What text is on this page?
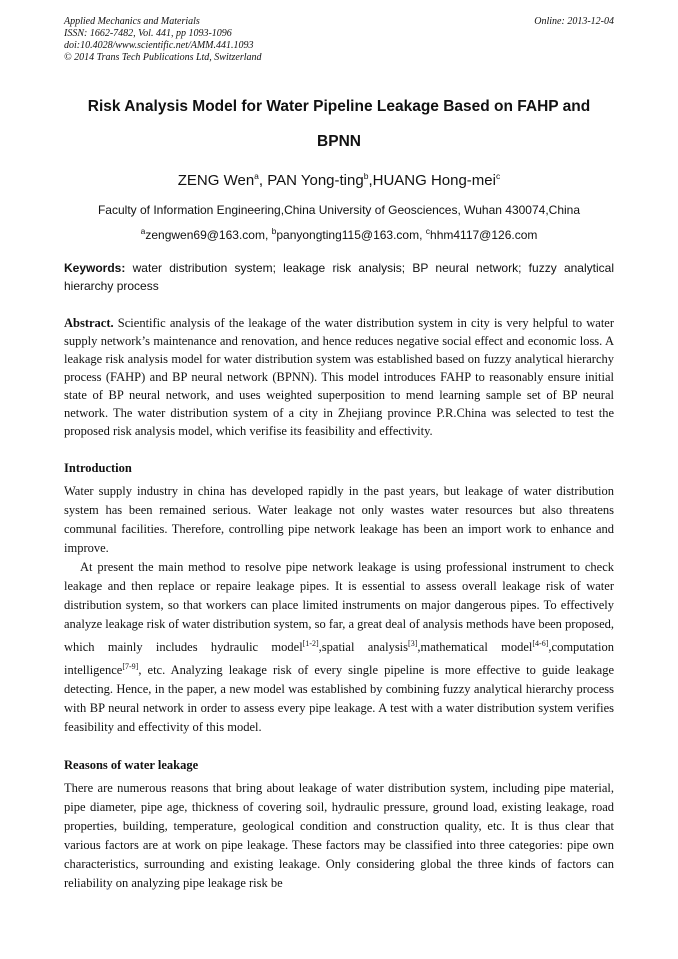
Applied Mechanics and Materials
ISSN: 1662-7482, Vol. 441, pp 1093-1096
doi:10.4028/www.scientific.net/AMM.441.1093
© 2014 Trans Tech Publications Ltd, Switzerland
Online: 2013-12-04
Risk Analysis Model for Water Pipeline Leakage Based on FAHP and BPNN
ZENG Wen$^a$, PAN Yong-ting$^b$,HUANG Hong-mei$^c$
Faculty of Information Engineering,China University of Geosciences, Wuhan 430074,China
$^a$zengwen69@163.com, $^b$panyongting115@163.com, $^c$hhm4117@126.com
Keywords: water distribution system; leakage risk analysis; BP neural network; fuzzy analytical hierarchy process
Abstract. Scientific analysis of the leakage of the water distribution system in city is very helpful to water supply network’s maintenance and renovation, and hence reduces negative social effect and economic loss. A leakage risk analysis model for water distribution system was established based on fuzzy analytical hierarchy process (FAHP) and BP neural network (BPNN). This model introduces FAHP to reasonably ensure initial state of BP neural network, and uses weighted superposition to mend learning sample set of BP neural network. The water distribution system of a city in Zhejiang province P.R.China was selected to test the proposed risk analysis model, which verifise its feasibility and effectivity.
Introduction

Water supply industry in china has developed rapidly in the past years, but leakage of water distribution system has been remained serious. Water leakage not only wastes water resources but also threatens communal facilities. Therefore, controlling pipe network leakage has been an import work to enhance and improve.

At present the main method to resolve pipe network leakage is using professional instrument to check leakage and then replace or repaire leakage pipes. It is essential to assess overall leakage risk of water distribution system, so that workers can place limited instruments on major dangerous pipes. To effectively analyze leakage risk of water distribution system, so far, a great deal of analysis methods have been proposed, which mainly includes hydraulic model[1-2],spatial analysis[3],mathematical model[4-6],computation intelligence[7-9], etc. Analyzing leakage risk of every single pipeline is more effective to guide leakage detecting. Hence, in the paper, a new model was established by combining fuzzy analytical hierarchy process with BP neural network in order to assess every pipe leakage. A test with a water distribution system verifies feasibility and effectivity of this model.

Reasons of water leakage

There are numerous reasons that bring about leakage of water distribution system, including pipe material, pipe diameter, pipe age, thickness of covering soil, hydraulic pressure, ground load, existing leakage, road properties, building, temperature, geological condition and construction quality, etc. It is thus clear that various factors are at work on pipe leakage. These factors may be classified into three categories: pipe own characteristics, surrounding and existing leakage. Only considering global the three kinds of factors can reliability on analyzing pipe leakage risk be
